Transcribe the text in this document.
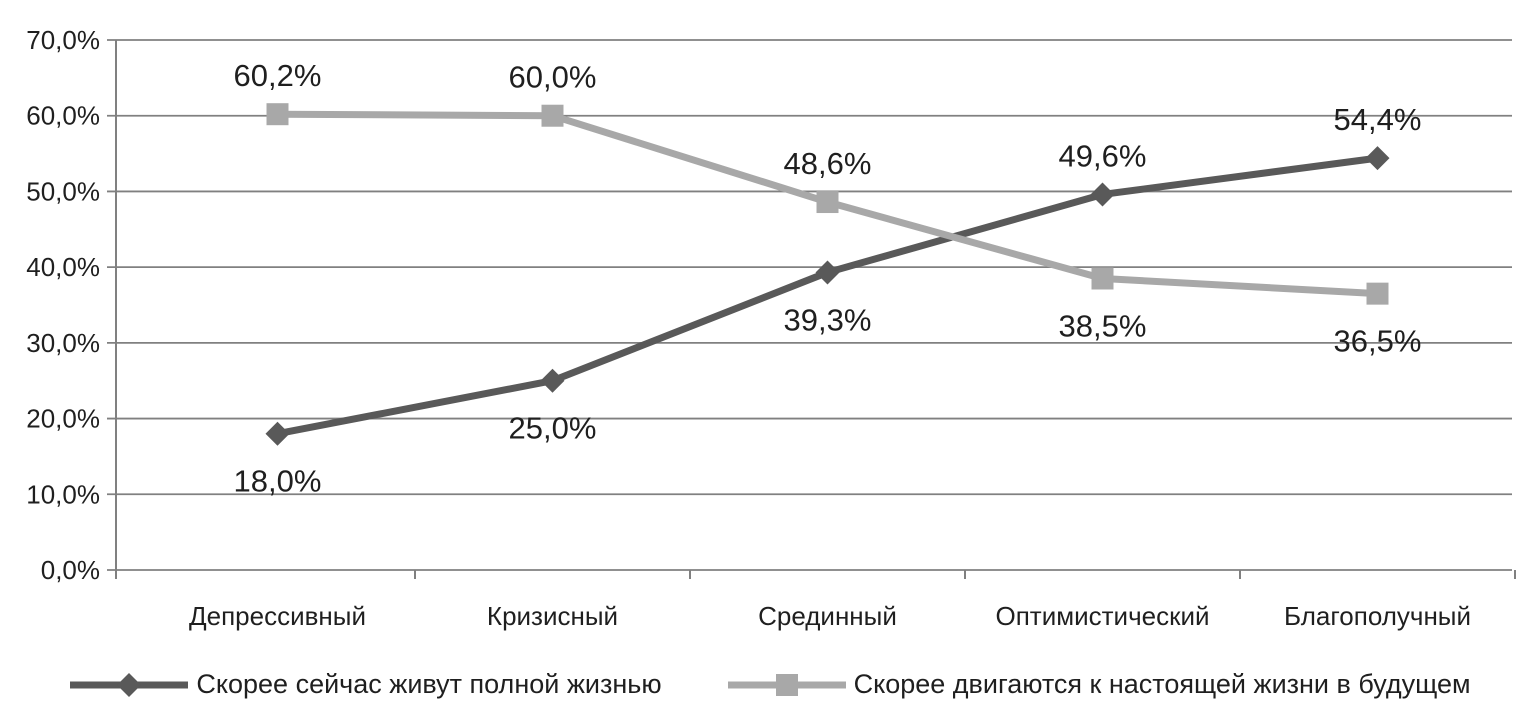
0,0%
10,0%
20,0%
30,0%
40,0%
50,0%
60,0%
70,0%
18,0%
25,0%
39,3%
49,6%
54,4%
60,2%	60,0%
48,6%
38,5%	36,5%
Депрессивный	Кризисный	Срединный	Оптимистический	Благополучный
Скорее сейчас живут полной жизнью	Скорее двигаются к настоящей жизни в будущем
